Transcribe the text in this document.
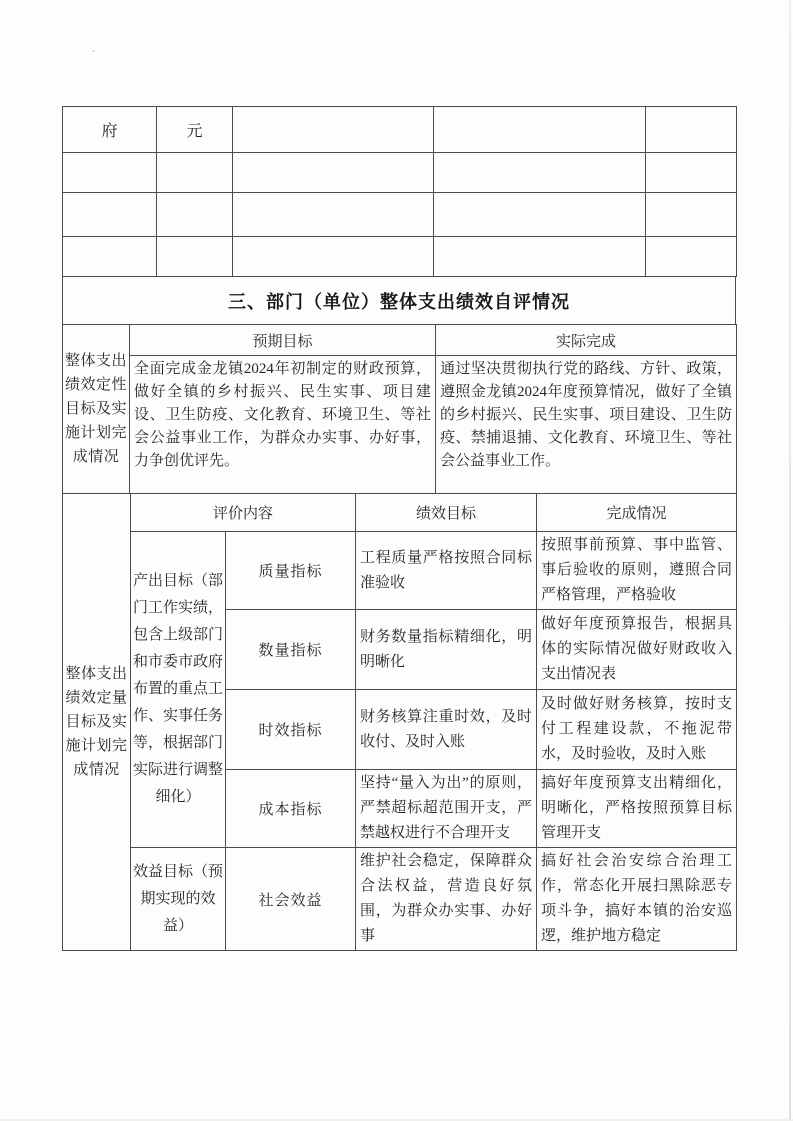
府	元			

三、部门（单位）整体支出绩效自评情况
整体支出绩效定性目标及实施计划完成情况	预期目标	实际完成
	全面完成金龙镇2024年初制定的财政预算，做好全镇的乡村振兴、民生实事、项目建设、卫生防疫、文化教育、环境卫生、等社会公益事业工作，为群众办实事、办好事，力争创优评先。	通过坚决贯彻执行党的路线、方针、政策，遵照金龙镇2024年度预算情况，做好了全镇的乡村振兴、民生实事、项目建设、卫生防疫、禁捕退捕、文化教育、环境卫生、等社会公益事业工作。
整体支出绩效定量目标及实施计划完成情况	评价内容		绩效目标	完成情况
	产出目标（部门工作实绩，包含上级部门和市委市政府布置的重点工作、实事任务等，根据部门实际进行调整细化）	质量指标	工程质量严格按照合同标准验收	按照事前预算、事中监管、事后验收的原则，遵照合同严格管理，严格验收
		数量指标	财务数量指标精细化，明明晰化	做好年度预算报告，根据具体的实际情况做好财政收入支出情况表
		时效指标	财务核算注重时效，及时收付、及时入账	及时做好财务核算，按时支付工程建设款，不拖泥带水，及时验收，及时入账
		成本指标	坚持“量入为出”的原则，严禁超标超范围开支，严禁越权进行不合理开支	搞好年度预算支出精细化，明晰化，严格按照预算目标管理开支
	效益目标（预期实现的效益）	社会效益	维护社会稳定，保障群众合法权益，营造良好氛围，为群众办实事、办好事	搞好社会治安综合治理工作，常态化开展扫黑除恶专项斗争，搞好本镇的治安巡逻，维护地方稳定
